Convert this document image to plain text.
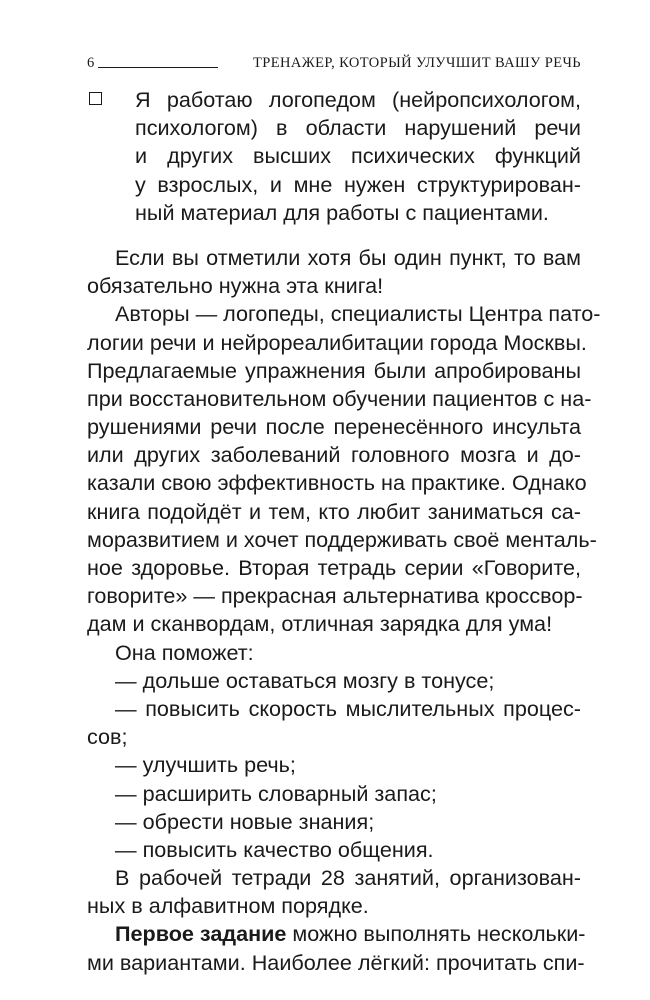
6	ТРЕНАЖЕР, КОТОРЫЙ УЛУЧШИТ ВАШУ РЕЧЬ
Я работаю логопедом (нейропсихологом,
психологом) в области нарушений речи
и других высших психических функций
у взрослых, и мне нужен структурирован-
ный материал для работы с пациентами.
Если вы отметили хотя бы один пункт, то вам
обязательно нужна эта книга!
Авторы — логопеды, специалисты Центра пато-
логии речи и нейрореалибитации города Москвы.
Предлагаемые упражнения были апробированы
при восстановительном обучении пациентов с на-
рушениями речи после перенесённого инсульта
или других заболеваний головного мозга и до-
казали свою эффективность на практике. Однако
книга подойдёт и тем, кто любит заниматься са-
моразвитием и хочет поддерживать своё менталь-
ное здоровье. Вторая тетрадь серии «Говорите,
говорите» — прекрасная альтернатива кроссвор-
дам и сканвордам, отличная зарядка для ума!
Она поможет:
— дольше оставаться мозгу в тонусе;
— повысить скорость мыслительных процес-
сов;
— улучшить речь;
— расширить словарный запас;
— обрести новые знания;
— повысить качество общения.
В рабочей тетради 28 занятий, организован-
ных в алфавитном порядке.
Первое задание можно выполнять нескольки-
ми вариантами. Наиболее лёгкий: прочитать спи-
